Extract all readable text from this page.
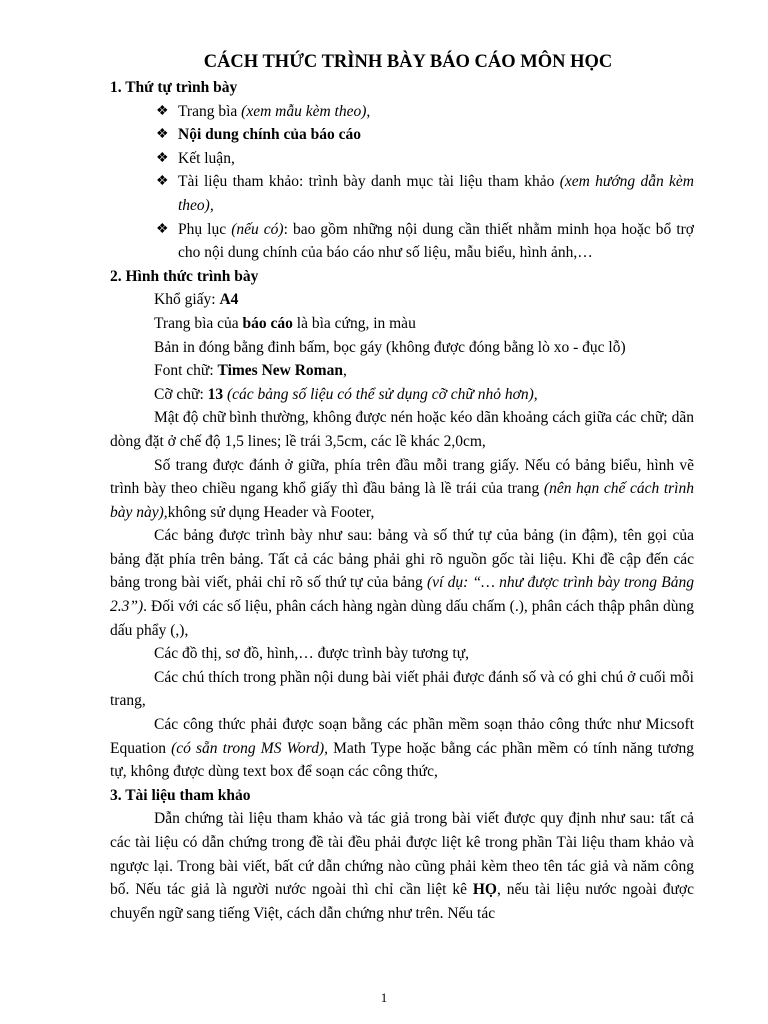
CÁCH THỨC TRÌNH BÀY BÁO CÁO MÔN HỌC

1. Thứ tự trình bày

❖ Trang bìa (xem mẫu kèm theo),

❖ Nội dung chính của báo cáo

❖ Kết luận,

❖ Tài liệu tham khảo: trình bày danh mục tài liệu tham khảo (xem hướng dẫn kèm theo),

❖ Phụ lục (nếu có): bao gồm những nội dung cần thiết nhằm minh họa hoặc bổ trợ cho nội dung chính của báo cáo như số liệu, mẫu biểu, hình ảnh,…

2. Hình thức trình bày

Khổ giấy: A4

Trang bìa của báo cáo là bìa cứng, in màu

Bản in đóng bằng đinh bấm, bọc gáy (không được đóng bằng lò xo - đục lỗ)

Font chữ: Times New Roman,

Cỡ chữ: 13 (các bảng số liệu có thể sử dụng cỡ chữ nhỏ hơn),

Mật độ chữ bình thường, không được nén hoặc kéo dãn khoảng cách giữa các chữ; dãn dòng đặt ở chế độ 1,5 lines; lề trái 3,5cm, các lề khác 2,0cm,

Số trang được đánh ở giữa, phía trên đầu mỗi trang giấy. Nếu có bảng biểu, hình vẽ trình bày theo chiều ngang khổ giấy thì đầu bảng là lề trái của trang (nên hạn chế cách trình bày này),không sử dụng Header và Footer,

Các bảng được trình bày như sau: bảng và số thứ tự của bảng (in đậm), tên gọi của bảng đặt phía trên bảng. Tất cả các bảng phải ghi rõ nguồn gốc tài liệu. Khi đề cập đến các bảng trong bài viết, phải chỉ rõ số thứ tự của bảng (ví dụ: “… như được trình bày trong Bảng 2.3”). Đối với các số liệu, phân cách hàng ngàn dùng dấu chấm (.), phân cách thập phân dùng dấu phẩy (,),

Các đồ thị, sơ đồ, hình,… được trình bày tương tự,

Các chú thích trong phần nội dung bài viết phải được đánh số và có ghi chú ở cuối mỗi trang,

Các công thức phải được soạn bằng các phần mềm soạn thảo công thức như Micsoft Equation (có sẵn trong MS Word), Math Type hoặc bằng các phần mềm có tính năng tương tự, không được dùng text box để soạn các công thức,

3. Tài liệu tham khảo

Dẫn chứng tài liệu tham khảo và tác giả trong bài viết được quy định như sau: tất cả các tài liệu có dẫn chứng trong đề tài đều phải được liệt kê trong phần Tài liệu tham khảo và ngược lại. Trong bài viết, bất cứ dẫn chứng nào cũng phải kèm theo tên tác giả và năm công bố. Nếu tác giả là người nước ngoài thì chỉ cần liệt kê HỌ, nếu tài liệu nước ngoài được chuyển ngữ sang tiếng Việt, cách dẫn chứng như trên. Nếu tác

1
